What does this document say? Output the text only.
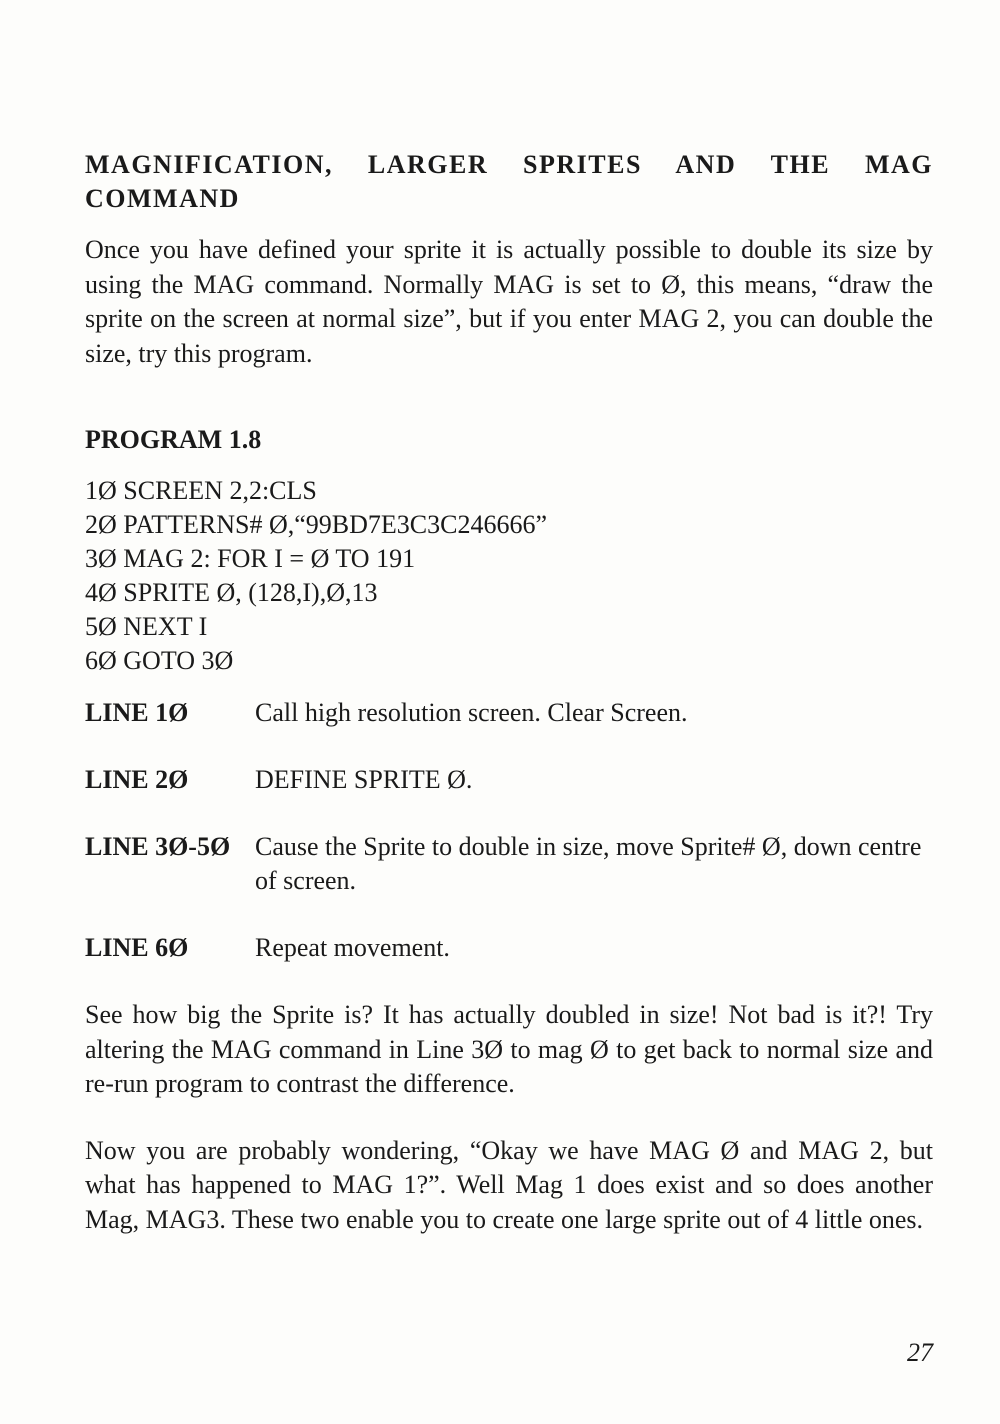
MAGNIFICATION, LARGER SPRITES AND THE MAG COMMAND

Once you have defined your sprite it is actually possible to double its size by using the MAG command. Normally MAG is set to Ø, this means, “draw the sprite on the screen at normal size”, but if you enter MAG 2, you can double the size, try this program.

PROGRAM 1.8
1Ø SCREEN 2,2:CLS
2Ø PATTERNS# Ø,“99BD7E3C3C246666”
3Ø MAG 2: FOR I = Ø TO 191
4Ø SPRITE Ø, (128,I),Ø,13
5Ø NEXT I
6Ø GOTO 3Ø
LINE 1Ø	Call high resolution screen. Clear Screen.
LINE 2Ø	DEFINE SPRITE Ø.
LINE 3Ø-5Ø Cause the Sprite to double in size, move Sprite# Ø, down centre of screen.
LINE 6Ø	Repeat movement.

See how big the Sprite is? It has actually doubled in size! Not bad is it?! Try altering the MAG command in Line 3Ø to mag Ø to get back to normal size and re-run program to contrast the difference.

Now you are probably wondering, “Okay we have MAG Ø and MAG 2, but what has happened to MAG 1?”. Well Mag 1 does exist and so does another Mag, MAG3. These two enable you to create one large sprite out of 4 little ones.

27
